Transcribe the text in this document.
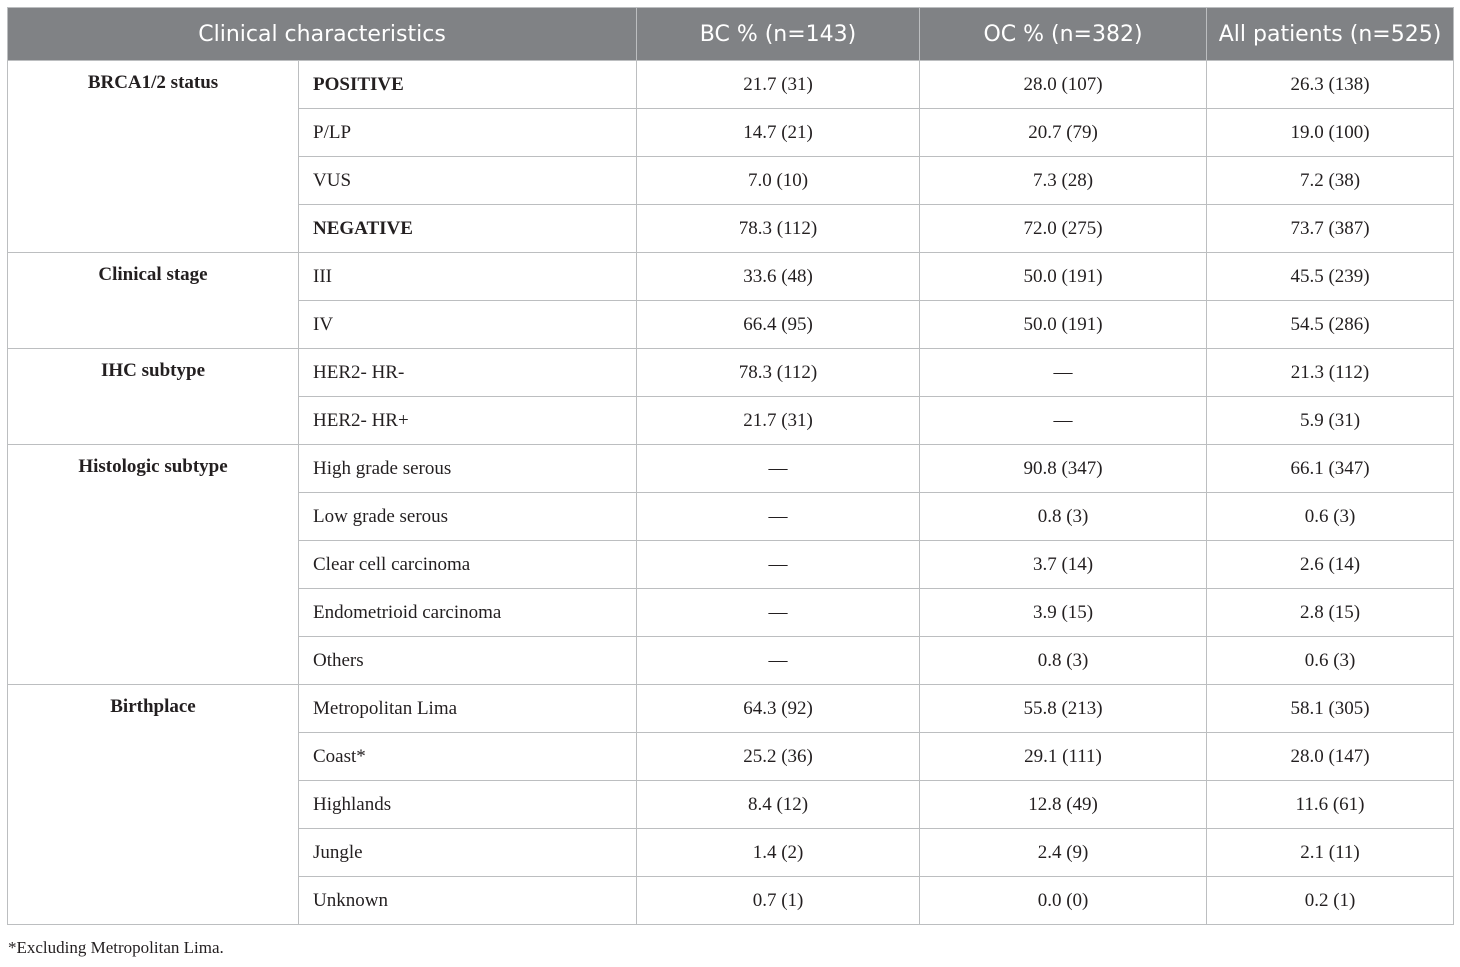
Clinical characteristics		BC % (n=143)	OC % (n=382)	All patients (n=525)
BRCA1/2 status	POSITIVE	21.7 (31)	28.0 (107)	26.3 (138)
	P/LP	14.7 (21)	20.7 (79)	19.0 (100)
	VUS	7.0 (10)	7.3 (28)	7.2 (38)
	NEGATIVE	78.3 (112)	72.0 (275)	73.7 (387)
Clinical stage	III	33.6 (48)	50.0 (191)	45.5 (239)
	IV	66.4 (95)	50.0 (191)	54.5 (286)
IHC subtype	HER2- HR-	78.3 (112)	—	21.3 (112)
	HER2- HR+	21.7 (31)	—	5.9 (31)
Histologic subtype	High grade serous	—	90.8 (347)	66.1 (347)
	Low grade serous	—	0.8 (3)	0.6 (3)
	Clear cell carcinoma	—	3.7 (14)	2.6 (14)
	Endometrioid carcinoma	—	3.9 (15)	2.8 (15)
	Others	—	0.8 (3)	0.6 (3)
Birthplace	Metropolitan Lima	64.3 (92)	55.8 (213)	58.1 (305)
	Coast*	25.2 (36)	29.1 (111)	28.0 (147)
	Highlands	8.4 (12)	12.8 (49)	11.6 (61)
	Jungle	1.4 (2)	2.4 (9)	2.1 (11)
	Unknown	0.7 (1)	0.0 (0)	0.2 (1)
*Excluding Metropolitan Lima.
